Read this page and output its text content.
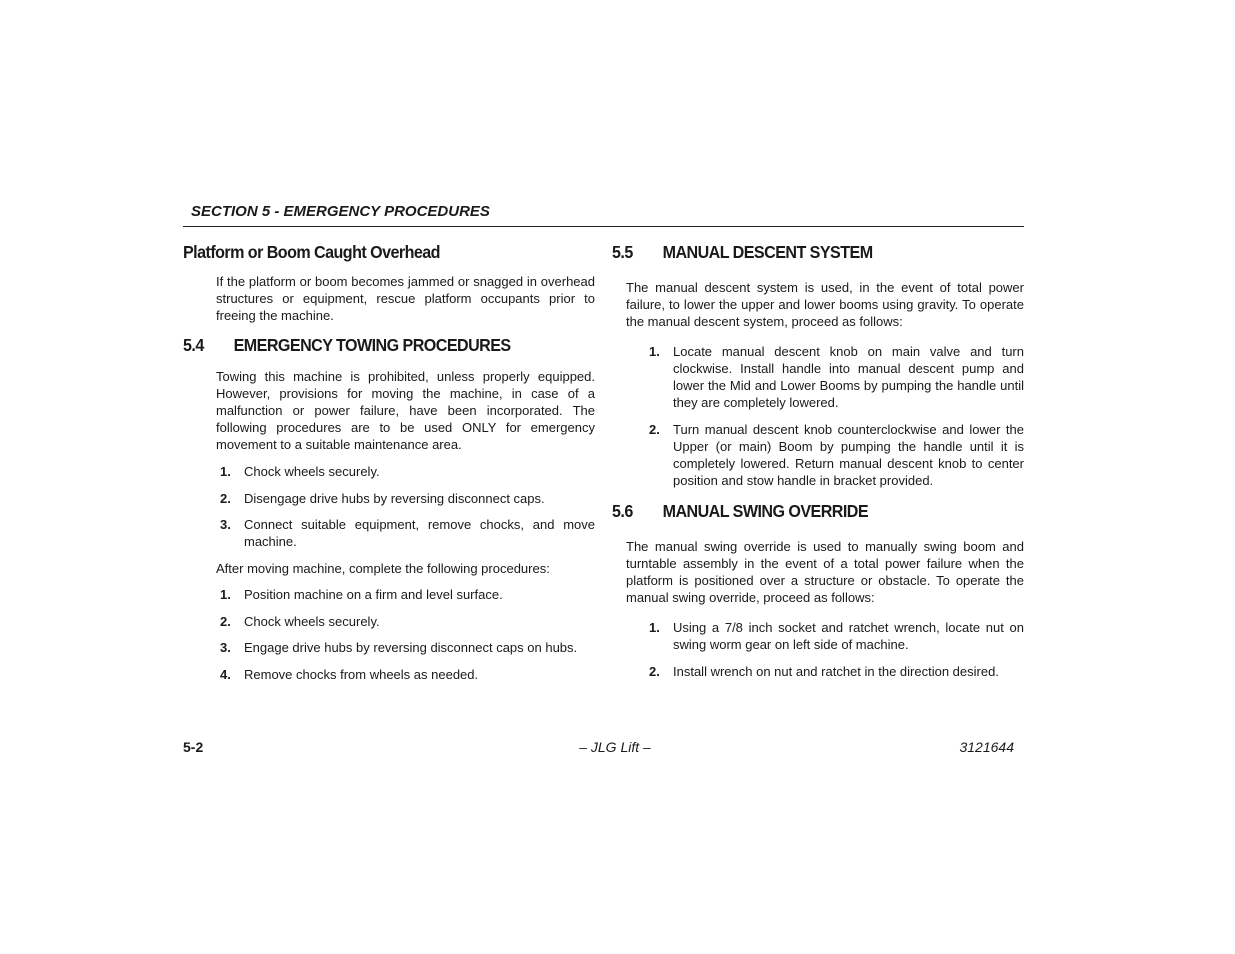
SECTION 5 - EMERGENCY PROCEDURES
Platform or Boom Caught Overhead

If the platform or boom becomes jammed or snagged in overhead structures or equipment, rescue platform occupants prior to freeing the machine.

5.4 EMERGENCY TOWING PROCEDURES

Towing this machine is prohibited, unless properly equipped. However, provisions for moving the machine, in case of a malfunction or power failure, have been incorporated. The following procedures are to be used ONLY for emergency movement to a suitable maintenance area.

1. Chock wheels securely.
2. Disengage drive hubs by reversing disconnect caps.
3. Connect suitable equipment, remove chocks, and move machine.

After moving machine, complete the following procedures:

1. Position machine on a firm and level surface.
2. Chock wheels securely.
3. Engage drive hubs by reversing disconnect caps on hubs.
4. Remove chocks from wheels as needed.
5.5 MANUAL DESCENT SYSTEM

The manual descent system is used, in the event of total power failure, to lower the upper and lower booms using gravity. To operate the manual descent system, proceed as follows:

1. Locate manual descent knob on main valve and turn clockwise. Install handle into manual descent pump and lower the Mid and Lower Booms by pumping the handle until they are completely lowered.
2. Turn manual descent knob counterclockwise and lower the Upper (or main) Boom by pumping the handle until it is completely lowered. Return manual descent knob to center position and stow handle in bracket provided.
5.6 MANUAL SWING OVERRIDE

The manual swing override is used to manually swing boom and turntable assembly in the event of a total power failure when the platform is positioned over a structure or obstacle. To operate the manual swing override, proceed as follows:

1. Using a 7/8 inch socket and ratchet wrench, locate nut on swing worm gear on left side of machine.
2. Install wrench on nut and ratchet in the direction desired.
5-2	– JLG Lift –	3121644
